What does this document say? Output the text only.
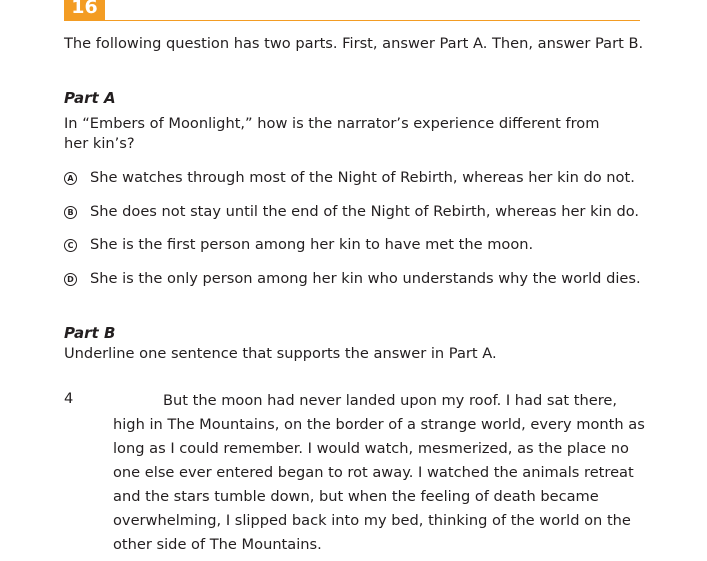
16
The following question has two parts. First, answer Part A. Then, answer Part B.
Part A
In “Embers of Moonlight,” how is the narrator’s experience different from
her kin’s?
A She watches through most of the Night of Rebirth, whereas her kin do not.
B She does not stay until the end of the Night of Rebirth, whereas her kin do.
C She is the first person among her kin to have met the moon.
D She is the only person among her kin who understands why the world dies.
Part B
Underline one sentence that supports the answer in Part A.
4	But the moon had never landed upon my roof. I had sat there,
high in The Mountains, on the border of a strange world, every month as
long as I could remember. I would watch, mesmerized, as the place no
one else ever entered began to rot away. I watched the animals retreat
and the stars tumble down, but when the feeling of death became
overwhelming, I slipped back into my bed, thinking of the world on the
other side of The Mountains.
